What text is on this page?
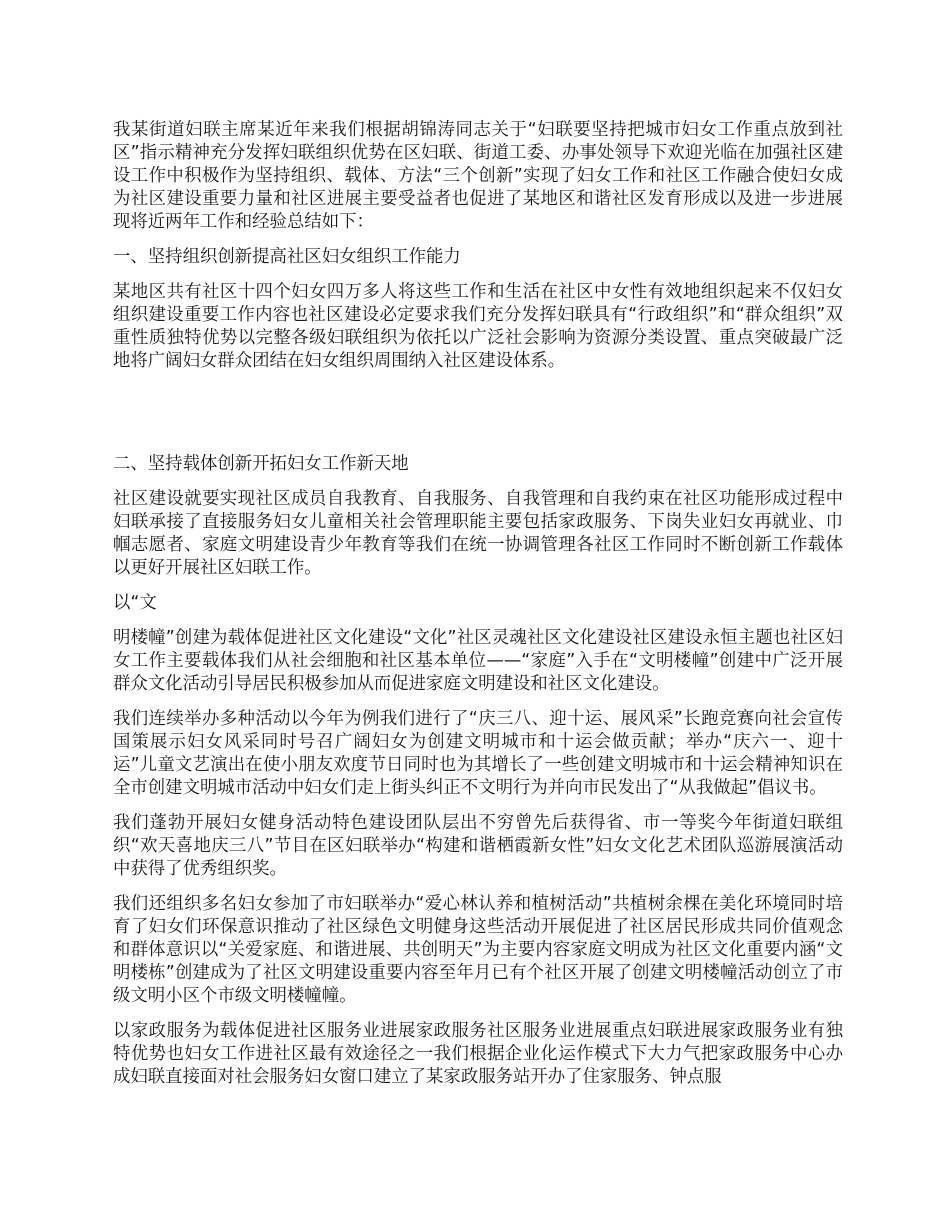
我某街道妇联主席某近年来我们根据胡锦涛同志关于“妇联要坚持把城市妇女工作重点放到社区”指示精神充分发挥妇联组织优势在区妇联、街道工委、办事处领导下欢迎光临在加强社区建设工作中积极作为坚持组织、载体、方法“三个创新”实现了妇女工作和社区工作融合使妇女成为社区建设重要力量和社区进展主要受益者也促进了某地区和谐社区发育形成以及进一步进展现将近两年工作和经验总结如下：

一、坚持组织创新提高社区妇女组织工作能力

某地区共有社区十四个妇女四万多人将这些工作和生活在社区中女性有效地组织起来不仅妇女组织建设重要工作内容也社区建设必定要求我们充分发挥妇联具有“行政组织”和“群众组织”双重性质独特优势以完整各级妇联组织为依托以广泛社会影响为资源分类设置、重点突破最广泛地将广阔妇女群众团结在妇女组织周围纳入社区建设体系。

二、坚持载体创新开拓妇女工作新天地

社区建设就要实现社区成员自我教育、自我服务、自我管理和自我约束在社区功能形成过程中妇联承接了直接服务妇女儿童相关社会管理职能主要包括家政服务、下岗失业妇女再就业、巾帼志愿者、家庭文明建设青少年教育等我们在统一协调管理各社区工作同时不断创新工作载体以更好开展社区妇联工作。

以“文

明楼幢”创建为载体促进社区文化建设“文化”社区灵魂社区文化建设社区建设永恒主题也社区妇女工作主要载体我们从社会细胞和社区基本单位——“家庭”入手在“文明楼幢”创建中广泛开展群众文化活动引导居民积极参加从而促进家庭文明建设和社区文化建设。

我们连续举办多种活动以今年为例我们进行了“庆三八、迎十运、展风采”长跑竞赛向社会宣传国策展示妇女风采同时号召广阔妇女为创建文明城市和十运会做贡献；举办“庆六一、迎十运”儿童文艺演出在使小朋友欢度节日同时也为其增长了一些创建文明城市和十运会精神知识在全市创建文明城市活动中妇女们走上街头纠正不文明行为并向市民发出了“从我做起”倡议书。

我们蓬勃开展妇女健身活动特色建设团队层出不穷曾先后获得省、市一等奖今年街道妇联组织“欢天喜地庆三八”节目在区妇联举办“构建和谐栖霞新女性”妇女文化艺术团队巡游展演活动中获得了优秀组织奖。

我们还组织多名妇女参加了市妇联举办“爱心林认养和植树活动”共植树余棵在美化环境同时培育了妇女们环保意识推动了社区绿色文明健身这些活动开展促进了社区居民形成共同价值观念和群体意识以“关爱家庭、和谐进展、共创明天”为主要内容家庭文明成为社区文化重要内涵“文明楼栋”创建成为了社区文明建设重要内容至年月已有个社区开展了创建文明楼幢活动创立了市级文明小区个市级文明楼幢幢。

以家政服务为载体促进社区服务业进展家政服务社区服务业进展重点妇联进展家政服务业有独特优势也妇女工作进社区最有效途径之一我们根据企业化运作模式下大力气把家政服务中心办成妇联直接面对社会服务妇女窗口建立了某家政服务站开办了住家服务、钟点服
